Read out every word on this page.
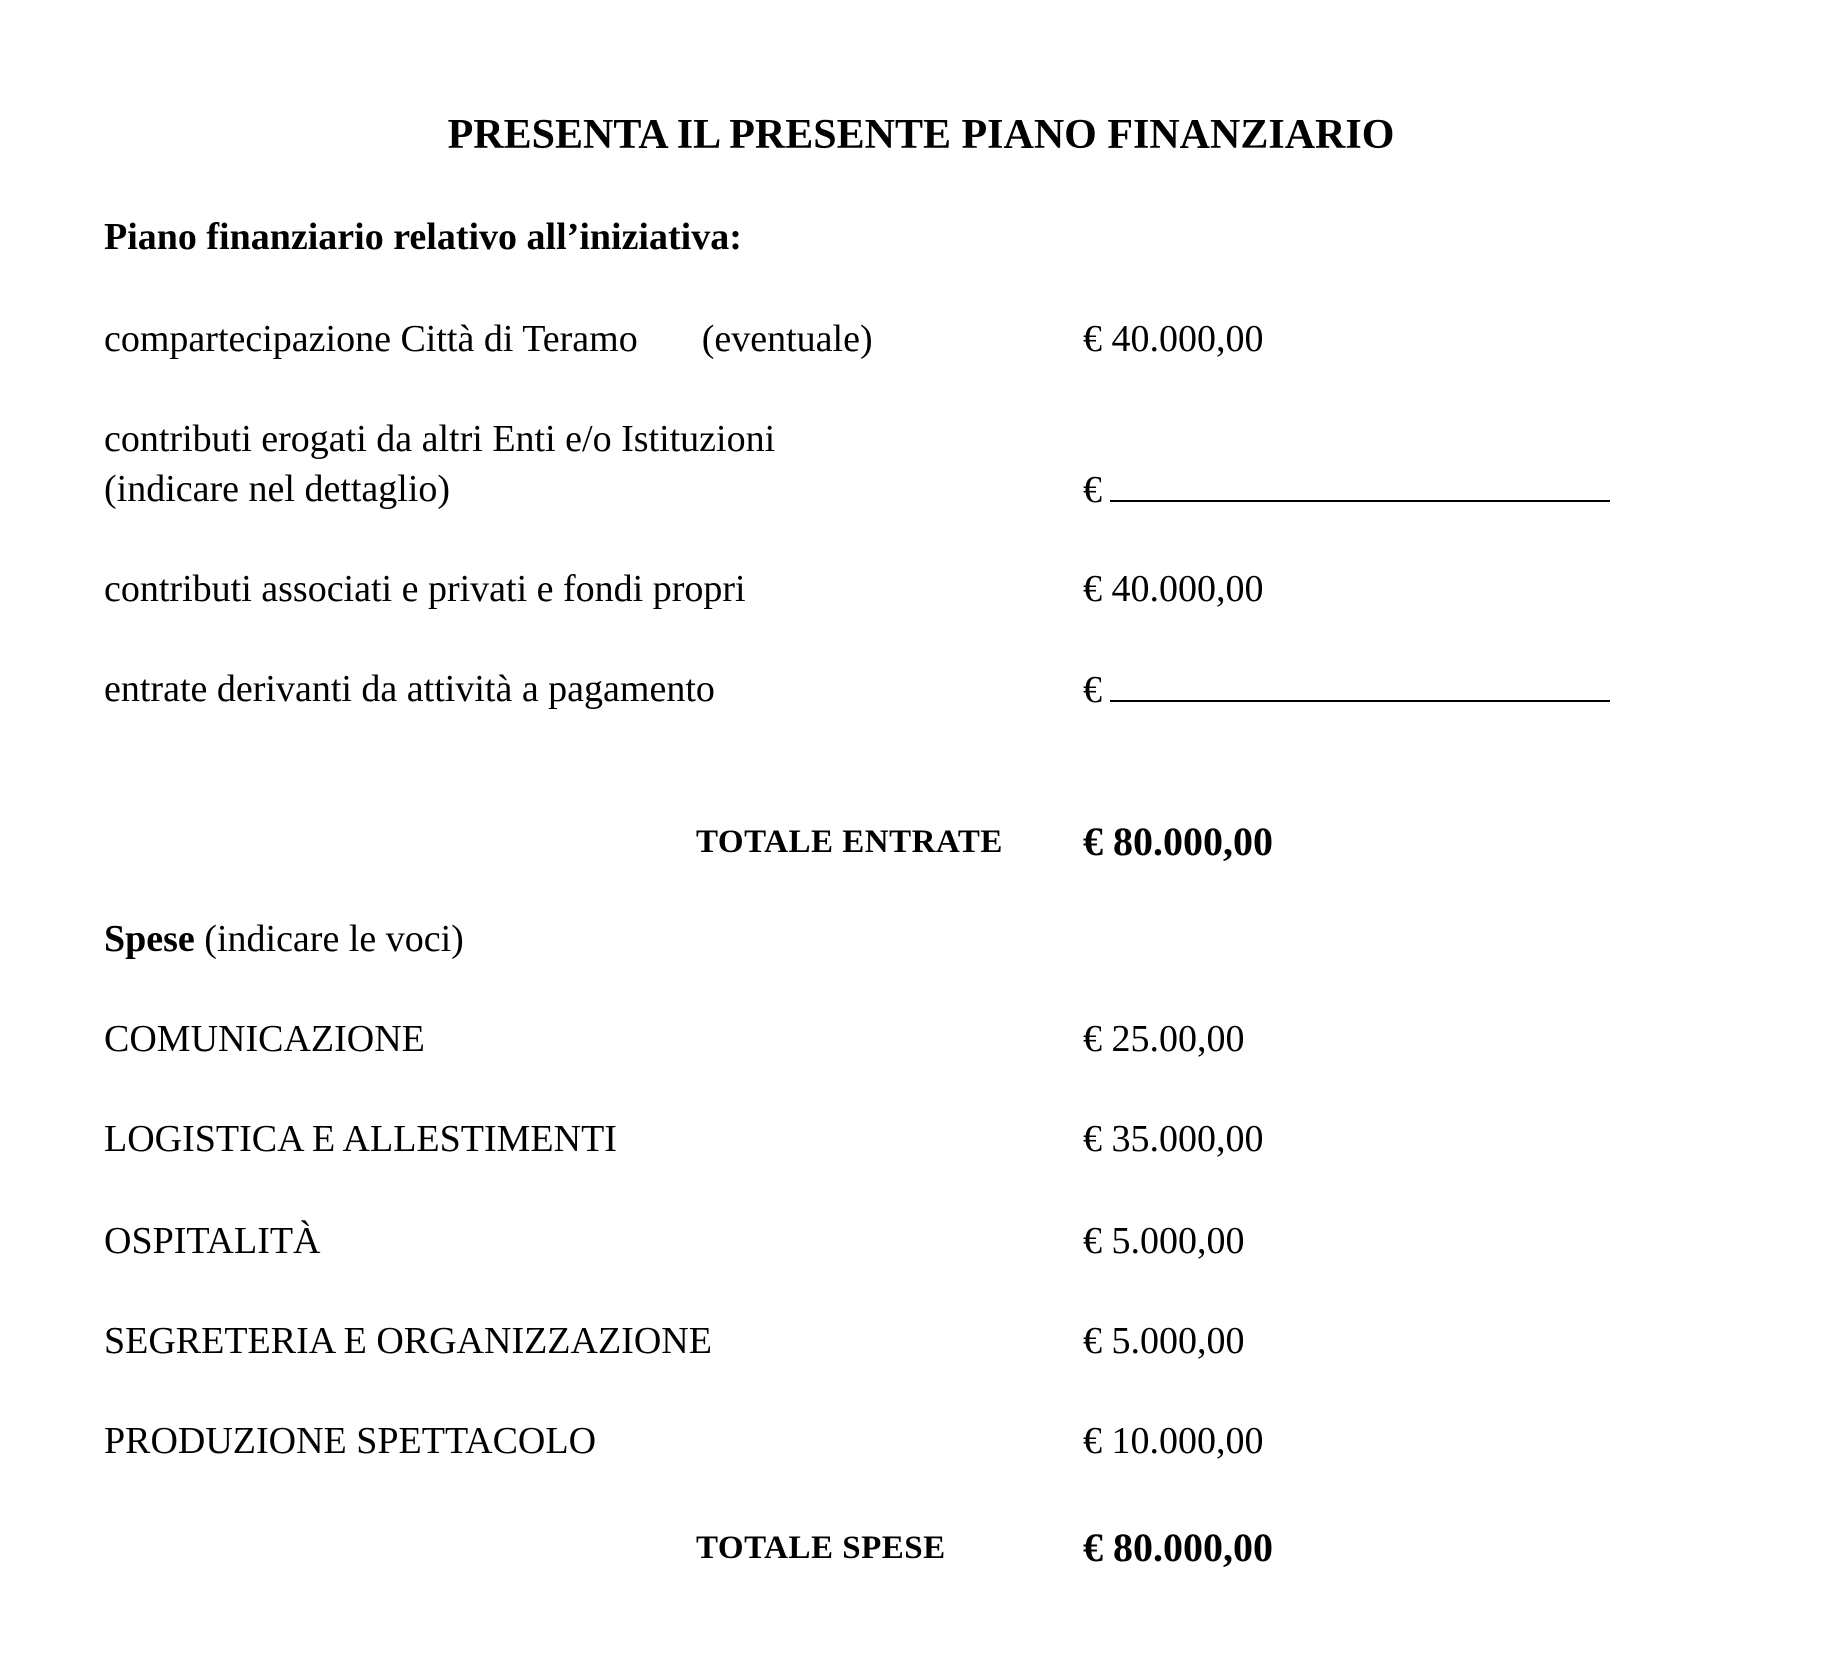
PRESENTA IL PRESENTE PIANO FINANZIARIO
Piano finanziario relativo all’iniziativa:
compartecipazione Città di Teramo (eventuale)	€ 40.000,00
contributi erogati da altri Enti e/o Istituzioni
(indicare nel dettaglio)	€
contributi associati e privati e fondi propri	€ 40.000,00
entrate derivanti da attività a pagamento	€
TOTALE ENTRATE € 80.000,00
Spese (indicare le voci)
COMUNICAZIONE	€ 25.00,00
LOGISTICA E ALLESTIMENTI	€ 35.000,00
OSPITALITÀ	€ 5.000,00
SEGRETERIA E ORGANIZZAZIONE	€ 5.000,00
PRODUZIONE SPETTACOLO	€ 10.000,00
TOTALE SPESE	€ 80.000,00
